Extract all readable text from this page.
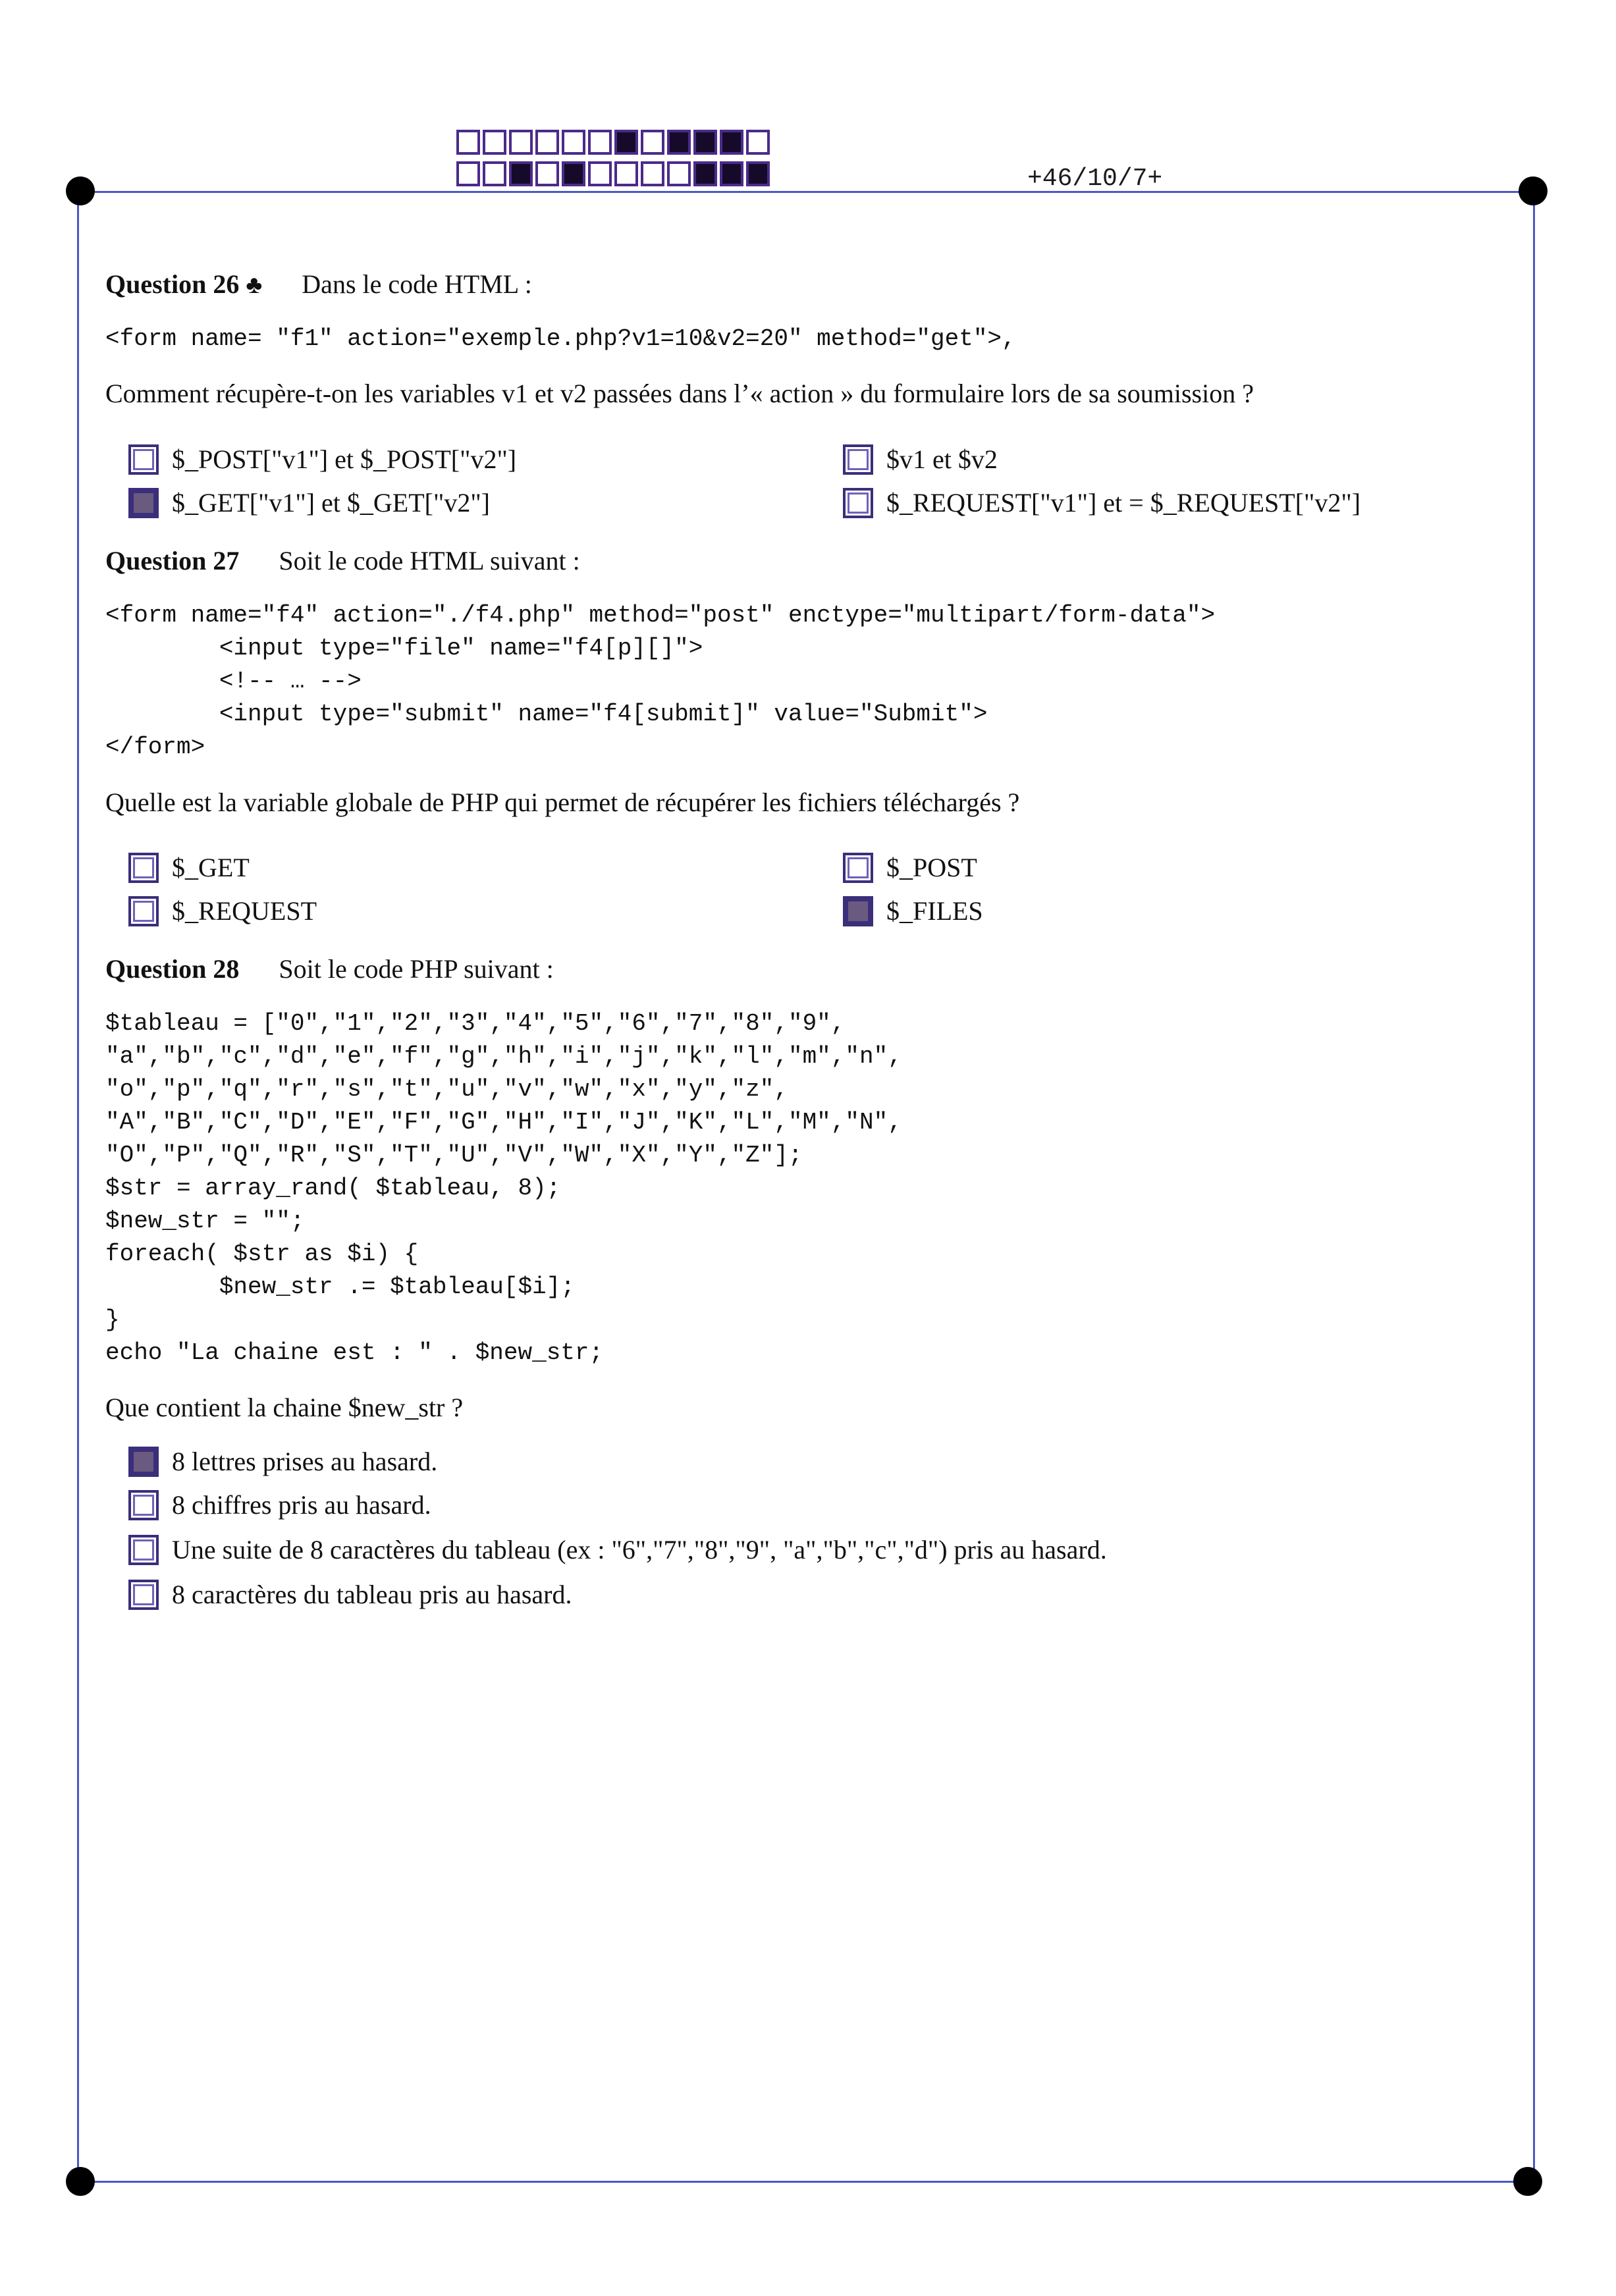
+46/10/7+
Question 26 ♣ Dans le code HTML :
<form name= "f1" action="exemple.php?v1=10&v2=20" method="get">,
Comment récupère-t-on les variables v1 et v2 passées dans l’« action » du formulaire lors de sa soumission ?
$_POST["v1"] et $_POST["v2"]	$v1 et $v2
$_GET["v1"] et $_GET["v2"]	$_REQUEST["v1"] et = $_REQUEST["v2"]
Question 27 Soit le code HTML suivant :
<form name="f4" action="./f4.php" method="post" enctype="multipart/form-data">
<input type="file" name="f4[p][]">
<!-- … -->
<input type="submit" name="f4[submit]" value="Submit">
</form>
Quelle est la variable globale de PHP qui permet de récupérer les fichiers téléchargés ?
$_GET	$_POST
$_REQUEST	$_FILES
Question 28 Soit le code PHP suivant :
$tableau = ["0","1","2","3","4","5","6","7","8","9",
"a","b","c","d","e","f","g","h","i","j","k","l","m","n",
"o","p","q","r","s","t","u","v","w","x","y","z",
"A","B","C","D","E","F","G","H","I","J","K","L","M","N",
"O","P","Q","R","S","T","U","V","W","X","Y","Z"];
$str = array_rand( $tableau, 8);
$new_str = "";
foreach( $str as $i) {
$new_str .= $tableau[$i];
}
echo "La chaine est : " . $new_str;
Que contient la chaine $new_str ?
8 lettres prises au hasard.
8 chiffres pris au hasard.
Une suite de 8 caractères du tableau (ex : "6","7","8","9", "a","b","c","d") pris au hasard.
8 caractères du tableau pris au hasard.
